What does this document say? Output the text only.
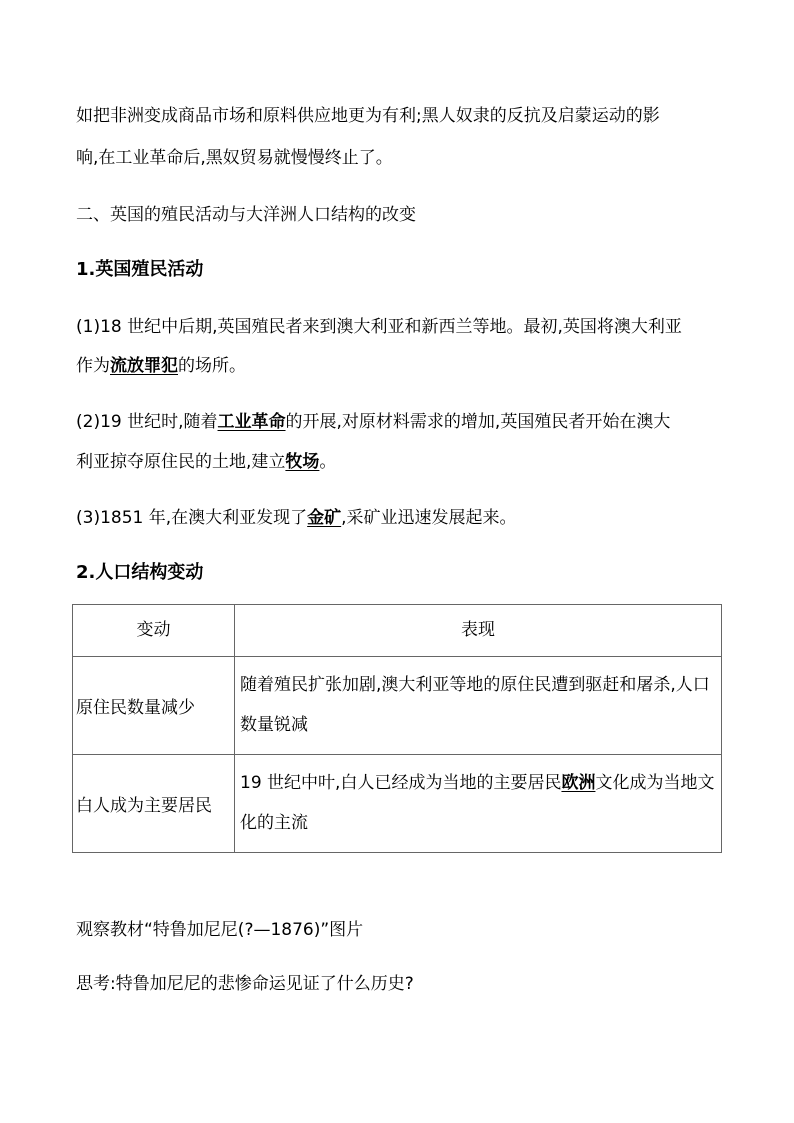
如把非洲变成商品市场和原料供应地更为有利;黑人奴隶的反抗及启蒙运动的影
响,在工业革命后,黑奴贸易就慢慢终止了。
二、英国的殖民活动与大洋洲人口结构的改变
1.英国殖民活动
(1)18 世纪中后期,英国殖民者来到澳大利亚和新西兰等地。最初,英国将澳大利亚
作为流放罪犯的场所。
(2)19 世纪时,随着工业革命的开展,对原材料需求的增加,英国殖民者开始在澳大
利亚掠夺原住民的土地,建立牧场。
(3)1851 年,在澳大利亚发现了金矿,采矿业迅速发展起来。
2.人口结构变动
变动	表现
原住民数量减少	随着殖民扩张加剧,澳大利亚等地的原住民遭到驱赶和屠杀,人口数量锐减
白人成为主要居民	19 世纪中叶,白人已经成为当地的主要居民欧洲文化成为当地文化的主流
观察教材“特鲁加尼尼(?—1876)”图片
思考:特鲁加尼尼的悲惨命运见证了什么历史?
